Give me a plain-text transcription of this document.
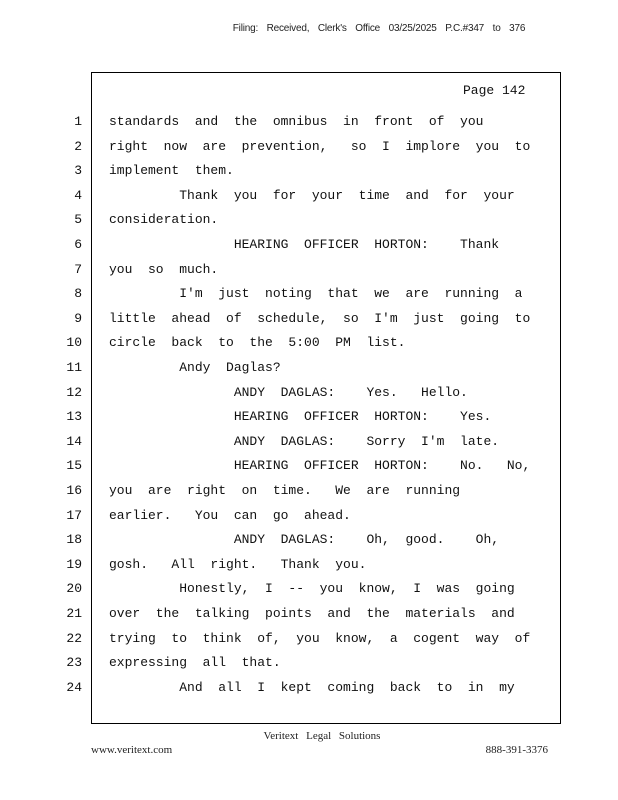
Filing: Received, Clerk's Office 03/25/2025 P.C.#347 to 376
Page 142
1 standards  and  the  omnibus  in  front  of  you
2 right  now  are  prevention,   so  I  implore  you  to
3 implement  them.
4 Thank  you  for  your  time  and  for  your
5 consideration.
6 HEARING  OFFICER  HORTON:    Thank
7 you  so  much.
8 I'm  just  noting  that  we  are  running  a
9 little  ahead  of  schedule,  so  I'm  just  going  to
10 circle  back  to  the  5:00  PM  list.
11 Andy  Daglas?
12 ANDY  DAGLAS:    Yes.   Hello.
13 HEARING  OFFICER  HORTON:    Yes.
14 ANDY  DAGLAS:    Sorry  I'm  late.
15 HEARING  OFFICER  HORTON:    No.   No,
16 you  are  right  on  time.   We  are  running
17 earlier.   You  can  go  ahead.
18 ANDY  DAGLAS:    Oh,  good.    Oh,
19 gosh.   All  right.   Thank  you.
20 Honestly,  I  --  you  know,  I  was  going
21 over  the  talking  points  and  the  materials  and
22 trying  to  think  of,  you  know,  a  cogent  way  of
23 expressing  all  that.
24 And  all  I  kept  coming  back  to  in  my
Veritext Legal Solutions
www.veritext.com	888-391-3376
